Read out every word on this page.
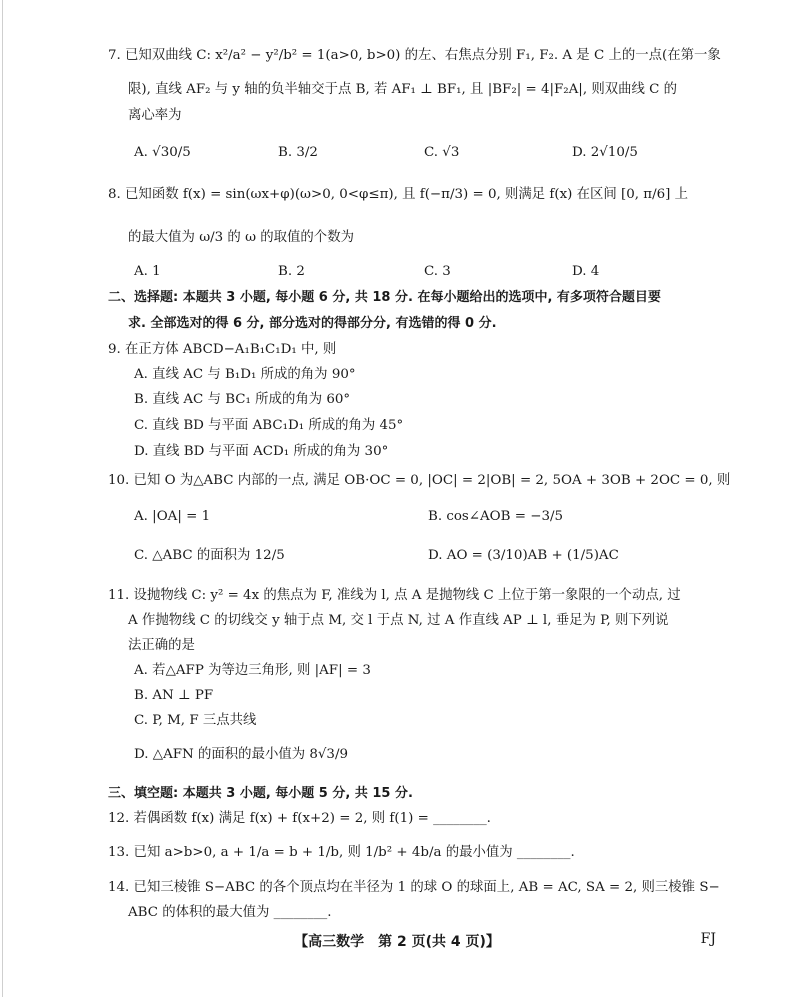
7. 已知双曲线 C: x²/a² − y²/b² = 1(a>0, b>0) 的左、右焦点分别 F₁, F₂. A 是 C 上的一点(在第一象
限), 直线 AF₂ 与 y 轴的负半轴交于点 B, 若 AF₁ ⊥ BF₁, 且 |BF₂| = 4|F₂A|, 则双曲线 C 的
离心率为
A. √30/5	B. 3/2	C. √3	D. 2√10/5
8. 已知函数 f(x) = sin(ωx+φ)(ω>0, 0<φ≤π), 且 f(−π/3) = 0, 则满足 f(x) 在区间 [0, π/6] 上
的最大值为 ω/3 的 ω 的取值的个数为
A. 1	B. 2	C. 3	D. 4
二、选择题: 本题共 3 小题, 每小题 6 分, 共 18 分. 在每小题给出的选项中, 有多项符合题目要
求. 全部选对的得 6 分, 部分选对的得部分分, 有选错的得 0 分.
9. 在正方体 ABCD−A₁B₁C₁D₁ 中, 则
A. 直线 AC 与 B₁D₁ 所成的角为 90°
B. 直线 AC 与 BC₁ 所成的角为 60°
C. 直线 BD 与平面 ABC₁D₁ 所成的角为 45°
D. 直线 BD 与平面 ACD₁ 所成的角为 30°
10. 已知 O 为△ABC 内部的一点, 满足 OB·OC = 0, |OC| = 2|OB| = 2, 5OA + 3OB + 2OC = 0, 则
A. |OA| = 1	B. cos∠AOB = −3/5
C. △ABC 的面积为 12/5	D. AO = (3/10)AB + (1/5)AC
11. 设抛物线 C: y² = 4x 的焦点为 F, 准线为 l, 点 A 是抛物线 C 上位于第一象限的一个动点, 过
A 作抛物线 C 的切线交 y 轴于点 M, 交 l 于点 N, 过 A 作直线 AP ⊥ l, 垂足为 P, 则下列说
法正确的是
A. 若△AFP 为等边三角形, 则 |AF| = 3
B. AN ⊥ PF
C. P, M, F 三点共线
D. △AFN 的面积的最小值为 8√3/9
三、填空题: 本题共 3 小题, 每小题 5 分, 共 15 分.
12. 若偶函数 f(x) 满足 f(x) + f(x+2) = 2, 则 f(1) = ________.
13. 已知 a>b>0, a + 1/a = b + 1/b, 则 1/b² + 4b/a 的最小值为 ________.
14. 已知三棱锥 S−ABC 的各个顶点均在半径为 1 的球 O 的球面上, AB = AC, SA = 2, 则三棱锥 S−
ABC 的体积的最大值为 ________.
【高三数学　第 2 页(共 4 页)】	FJ
